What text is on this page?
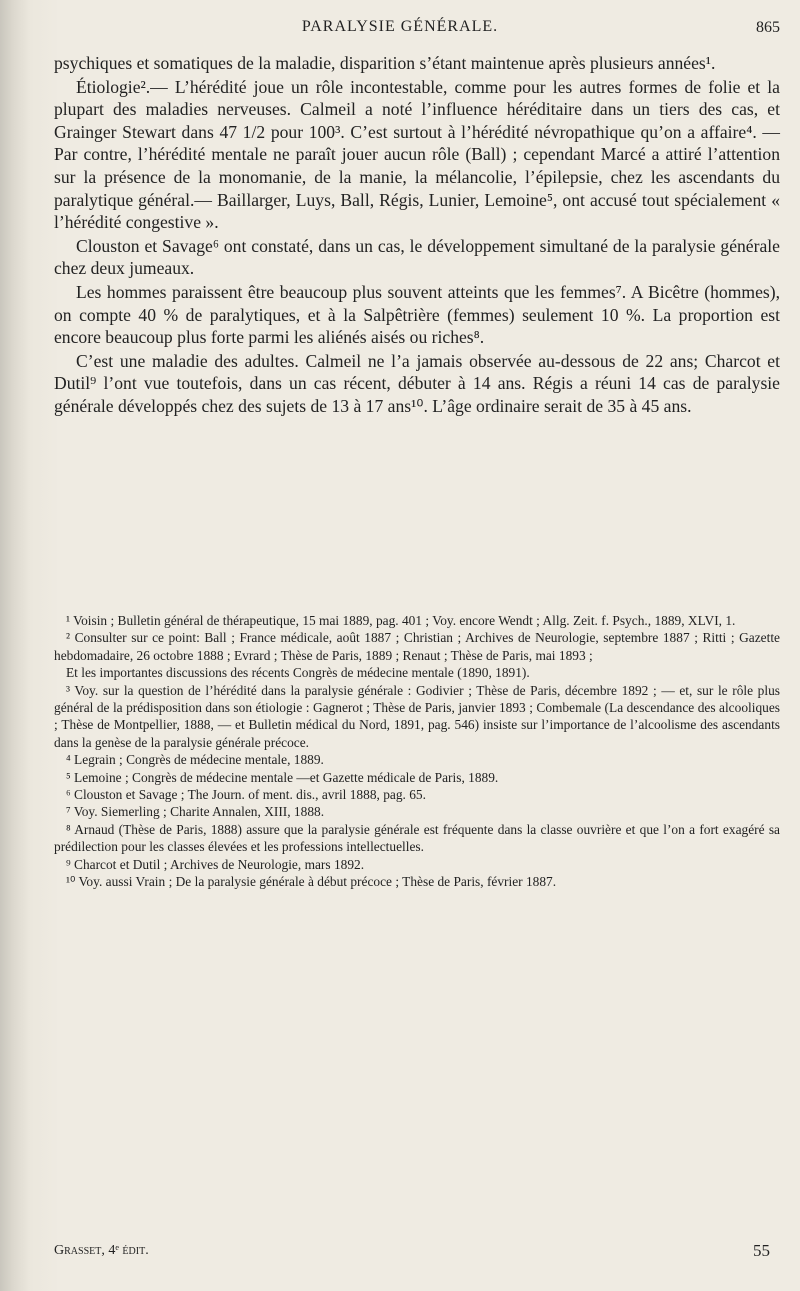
PARALYSIE GÉNÉRALE.	865

psychiques et somatiques de la maladie, disparition s’étant maintenue après plusieurs années¹.

Étiologie².— L’hérédité joue un rôle incontestable, comme pour les autres formes de folie et la plupart des maladies nerveuses. Calmeil a noté l’influence héréditaire dans un tiers des cas, et Grainger Stewart dans 47 1/2 pour 100³. C’est surtout à l’hérédité névropathique qu’on a affaire⁴. — Par contre, l’hérédité mentale ne paraît jouer aucun rôle (Ball) ; cependant Marcé a attiré l’attention sur la présence de la monomanie, de la manie, la mélancolie, l’épilepsie, chez les ascendants du paralytique général.— Baillarger, Luys, Ball, Régis, Lunier, Lemoine⁵, ont accusé tout spécialement « l’hérédité congestive ».

Clouston et Savage⁶ ont constaté, dans un cas, le développement simultané de la paralysie générale chez deux jumeaux.

Les hommes paraissent être beaucoup plus souvent atteints que les femmes⁷. A Bicêtre (hommes), on compte 40 % de paralytiques, et à la Salpêtrière (femmes) seulement 10 %. La proportion est encore beaucoup plus forte parmi les aliénés aisés ou riches⁸.

C’est une maladie des adultes. Calmeil ne l’a jamais observée au-dessous de 22 ans; Charcot et Dutil⁹ l’ont vue toutefois, dans un cas récent, débuter à 14 ans. Régis a réuni 14 cas de paralysie générale développés chez des sujets de 13 à 17 ans¹⁰. L’âge ordinaire serait de 35 à 45 ans.

¹ Voisin ; Bulletin général de thérapeutique, 15 mai 1889, pag. 401 ; Voy. encore Wendt ; Allg. Zeit. f. Psych., 1889, XLVI, 1.

² Consulter sur ce point: Ball ; France médicale, août 1887 ; Christian ; Archives de Neurologie, septembre 1887 ; Ritti ; Gazette hebdomadaire, 26 octobre 1888 ; Evrard ; Thèse de Paris, 1889 ; Renaut ; Thèse de Paris, mai 1893 ;

Et les importantes discussions des récents Congrès de médecine mentale (1890, 1891).

³ Voy. sur la question de l’hérédité dans la paralysie générale : Godivier ; Thèse de Paris, décembre 1892 ; — et, sur le rôle plus général de la prédisposition dans son étiologie : Gagnerot ; Thèse de Paris, janvier 1893 ; Combemale (La descendance des alcooliques ; Thèse de Montpellier, 1888, — et Bulletin médical du Nord, 1891, pag. 546) insiste sur l’importance de l’alcoolisme des ascendants dans la genèse de la paralysie générale précoce.

⁴ Legrain ; Congrès de médecine mentale, 1889.

⁵ Lemoine ; Congrès de médecine mentale —et Gazette médicale de Paris, 1889.

⁶ Clouston et Savage ; The Journ. of ment. dis., avril 1888, pag. 65.

⁷ Voy. Siemerling ; Charite Annalen, XIII, 1888.

⁸ Arnaud (Thèse de Paris, 1888) assure que la paralysie générale est fréquente dans la classe ouvrière et que l’on a fort exagéré sa prédilection pour les classes élevées et les professions intellectuelles.

⁹ Charcot et Dutil ; Archives de Neurologie, mars 1892.

¹⁰ Voy. aussi Vrain ; De la paralysie générale à début précoce ; Thèse de Paris, février 1887.

Grasset, 4ᵉ édit.	55
